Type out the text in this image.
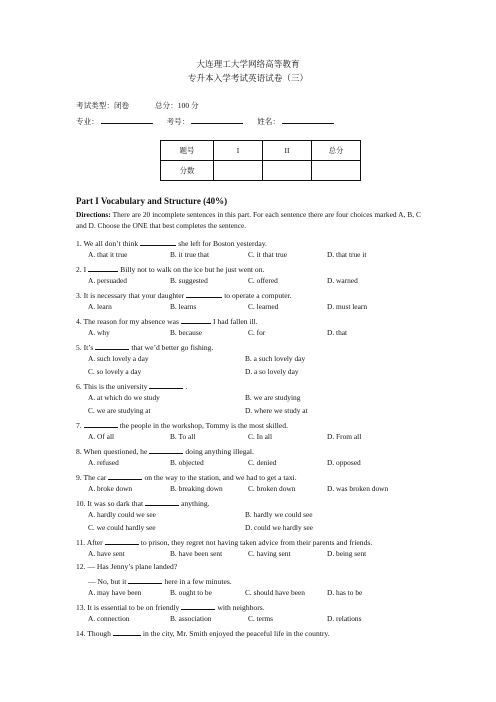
大连理工大学网络高等教育
专升本入学考试英语试卷（三）
考试类型：闭卷	总分：100 分
专业：	考号：	姓名：
题号	I	II	总分
分数			
Part I Vocabulary and Structure (40%)
Directions: There are 20 incomplete sentences in this part. For each sentence there are four choices marked A, B, C and D. Choose the ONE that best completes the sentence.
1. We all don’t think	she left for Boston yesterday.
A. that it true	B. it true that	C. it that true	D. that true it
2. I	Billy not to walk on the ice but he just went on.
A. persuaded	B. suggested	C. offered	D. warned
3. It is necessary that your daughter	to operate a computer.
A. learn	B. learns	C. learned	D. must learn
4. The reason for my absence was	I had fallen ill.
A. why	B. because	C. for	D. that
5. It’s	that we’d better go fishing.
A. such lovely a day	B. a such lovely day
C. so lovely a day	D. a so lovely day
6. This is the university	.
A. at which do we study	B. we are studying
C. we are studying at	D. where we study at
7.	the people in the workshop, Tommy is the most skilled.
A. Of all	B. To all	C. In all	D. From all
8. When questioned, he	doing anything illegal.
A. refused	B. objected	C. denied	D. opposed
9. The car	on the way to the station, and we had to get a taxi.
A. broke down	B. breaking down	C. broken down	D. was broken down
10. It was so dark that	anything.
A. hardly could we see	B. hardly we could see
C. we could hardly see	D. could we hardly see
11. After	to prison, they regret not having taken advice from their parents and friends.
A. have sent	B. have been sent	C. having sent	D. being sent
12. — Has Jenny’s plane landed?
— No, but it	here in a few minutes.
A. may have been	B. ought to be	C. should have been	D. has to be
13. It is essential to be on friendly	with neighbors.
A. connection	B. association	C. terms	D. relations
14. Though	in the city, Mr. Smith enjoyed the peaceful life in the country.
